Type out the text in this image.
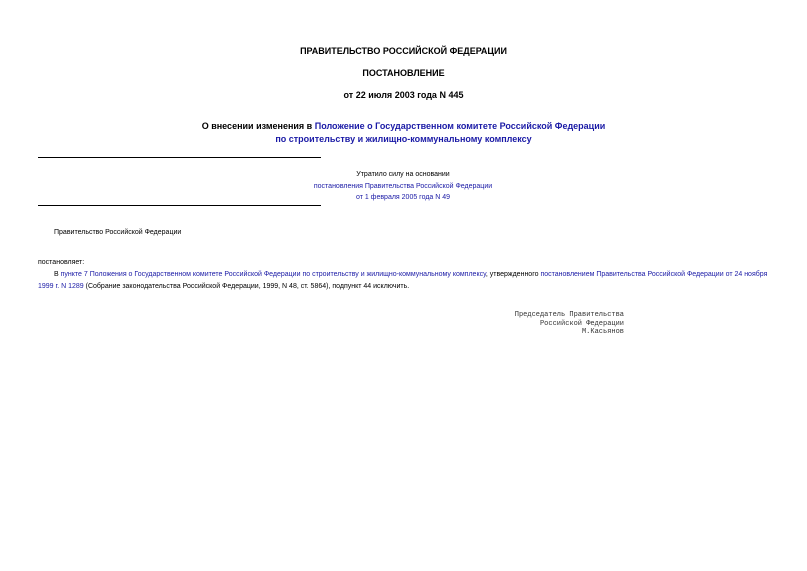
ПРАВИТЕЛЬСТВО РОССИЙСКОЙ ФЕДЕРАЦИИ
ПОСТАНОВЛЕНИЕ
от 22 июля 2003 года N 445
О внесении изменения в Положение о Государственном комитете Российской Федерации
по строительству и жилищно-коммунальному комплексу
Утратило силу на основании
постановления Правительства Российской Федерации
от 1 февраля 2005 года N 49
Правительство Российской Федерации
постановляет:
В пункте 7 Положения о Государственном комитете Российской Федерации по строительству и жилищно-коммунальному комплексу, утвержденного постановлением Правительства Российской Федерации от 24 ноября 1999 г. N 1289 (Собрание законодательства Российской Федерации, 1999, N 48, ст. 5864), подпункт 44 исключить.
Председатель Правительства
Российской Федерации
М.Касьянов
